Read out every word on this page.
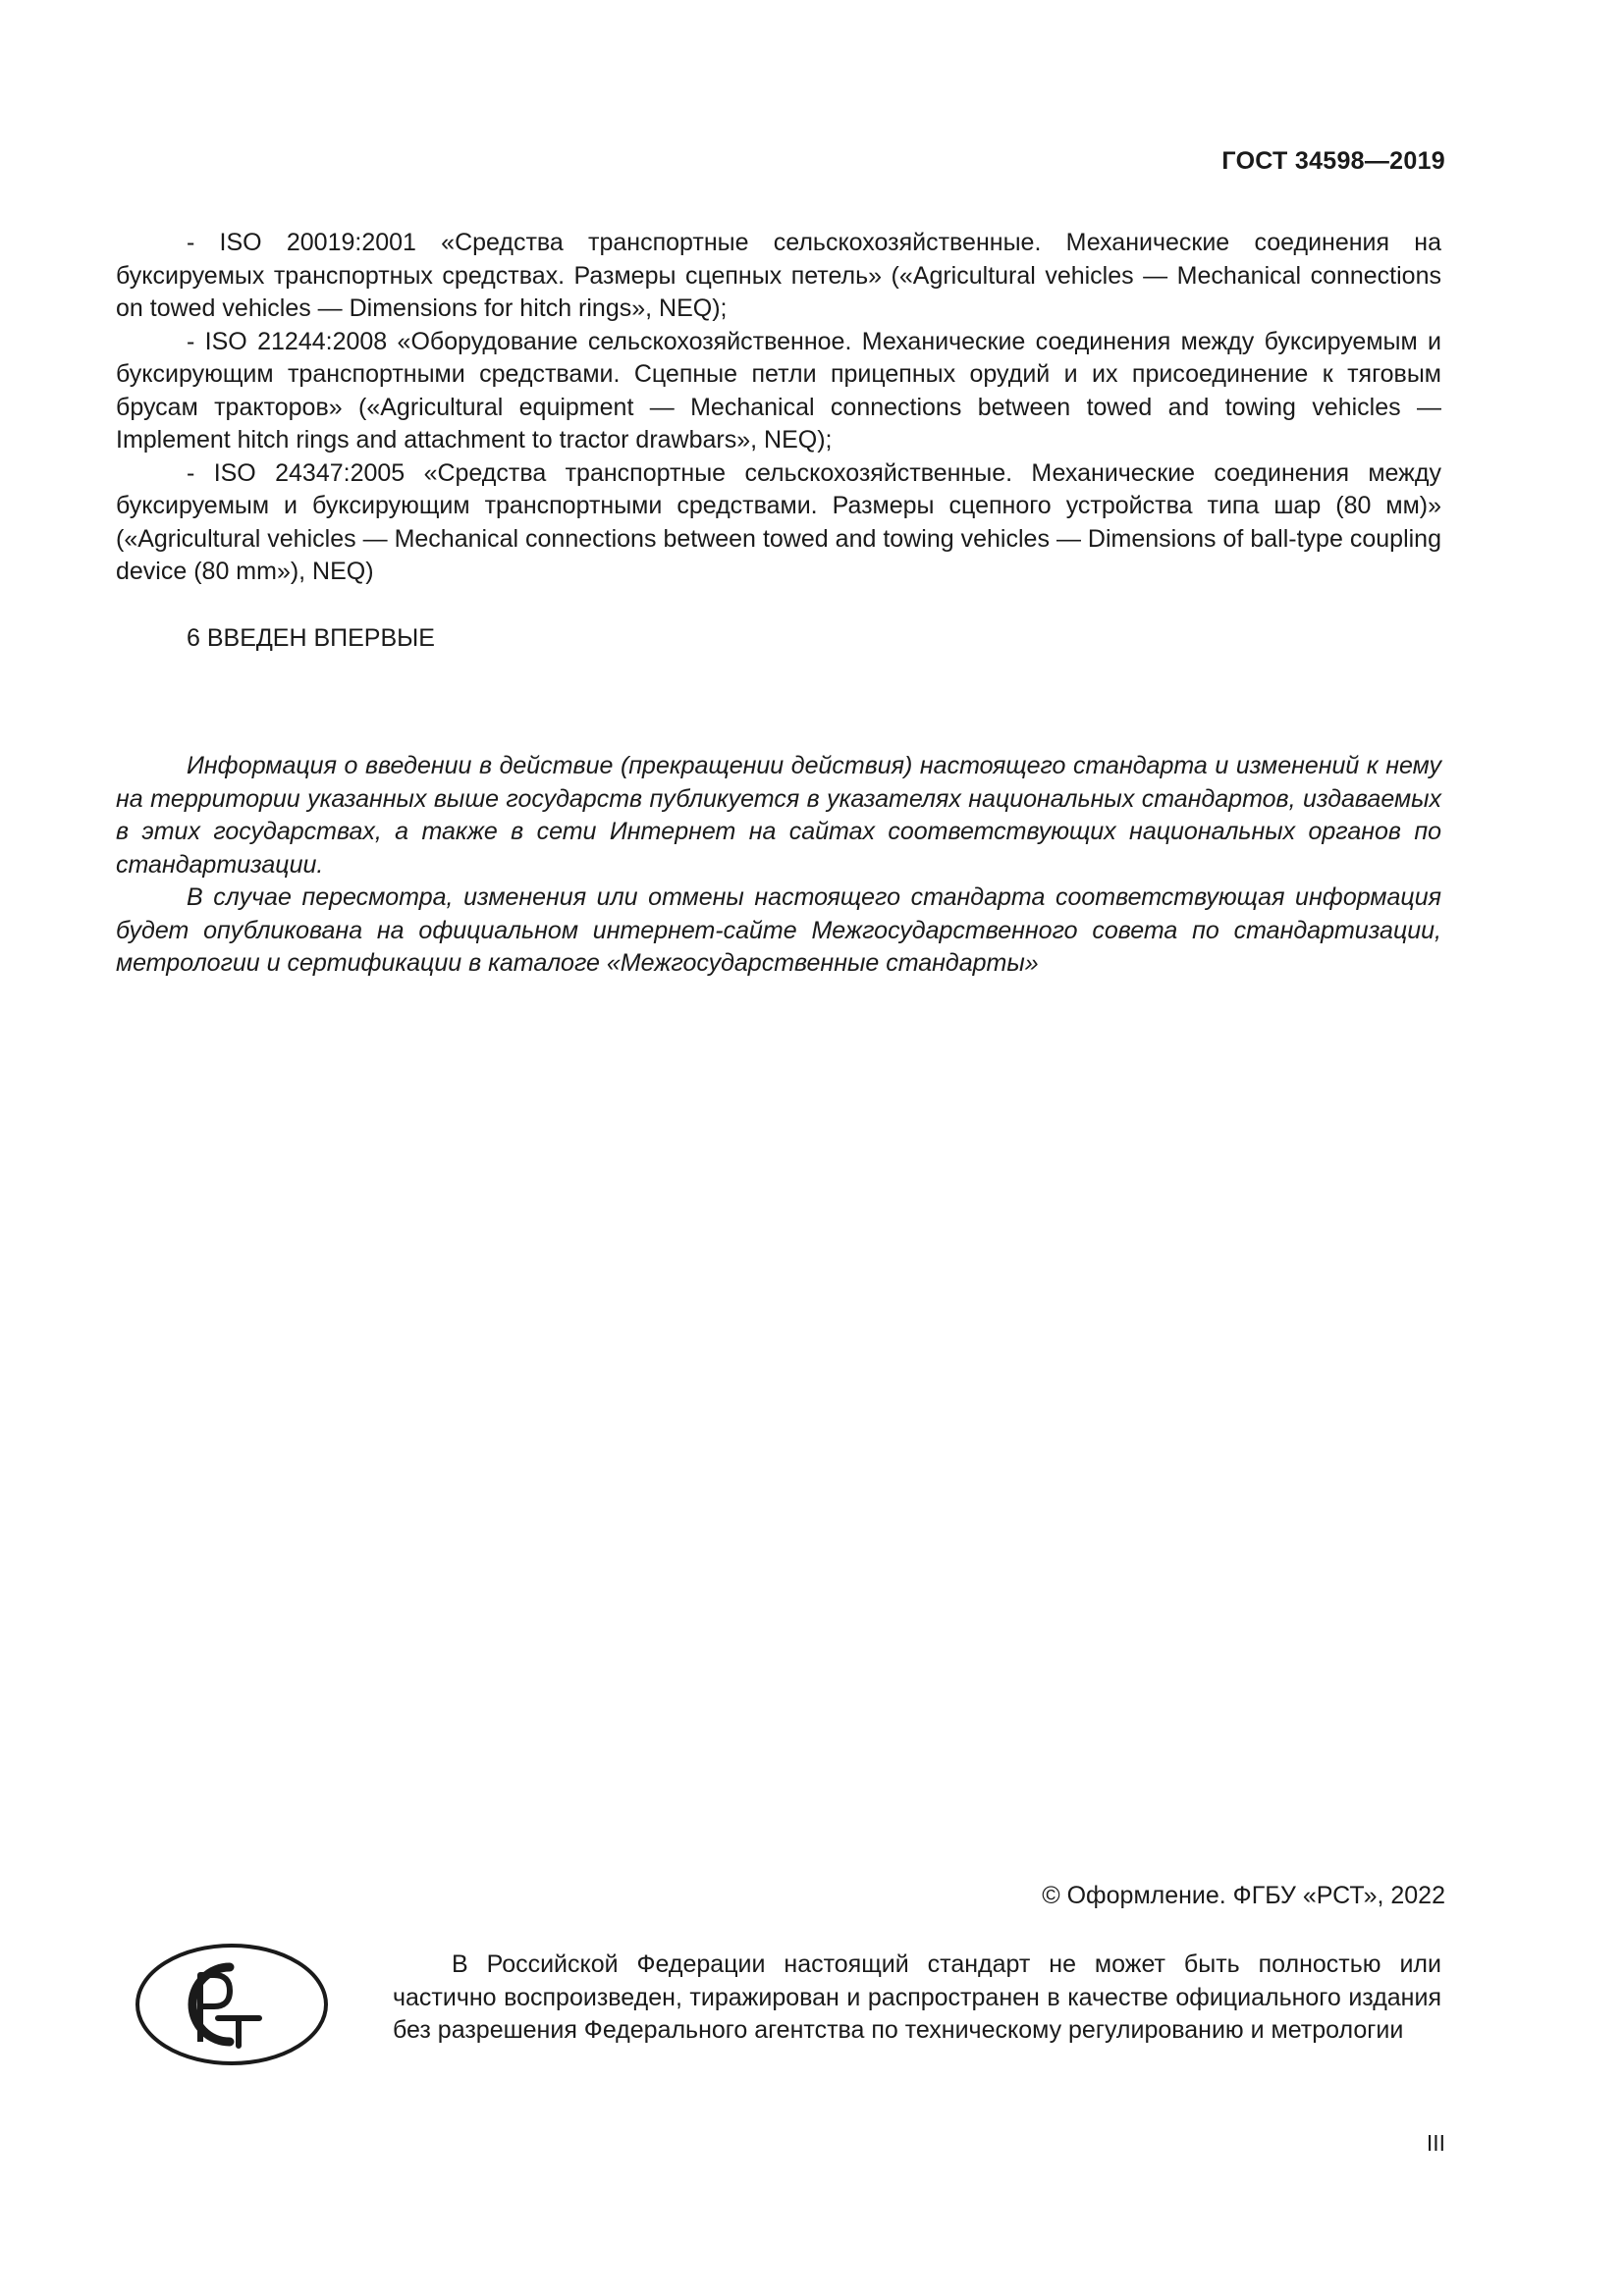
ГОСТ 34598—2019

- ISO 20019:2001 «Средства транспортные сельскохозяйственные. Механические соединения на буксируемых транспортных средствах. Размеры сцепных петель» («Agricultural vehicles — Mechanical connections on towed vehicles — Dimensions for hitch rings», NEQ);

- ISO 21244:2008 «Оборудование сельскохозяйственное. Механические соединения между буксируемым и буксирующим транспортными средствами. Сцепные петли прицепных орудий и их присоединение к тяговым брусам тракторов» («Agricultural equipment — Mechanical connections between towed and towing vehicles — Implement hitch rings and attachment to tractor drawbars», NEQ);

- ISO 24347:2005 «Средства транспортные сельскохозяйственные. Механические соединения между буксируемым и буксирующим транспортными средствами. Размеры сцепного устройства типа шар (80 мм)» («Agricultural vehicles — Mechanical connections between towed and towing vehicles — Dimensions of ball-type coupling device (80 mm»), NEQ)

6 ВВЕДЕН ВПЕРВЫЕ

Информация о введении в действие (прекращении действия) настоящего стандарта и изменений к нему на территории указанных выше государств публикуется в указателях национальных стандартов, издаваемых в этих государствах, а также в сети Интернет на сайтах соответствующих национальных органов по стандартизации.

В случае пересмотра, изменения или отмены настоящего стандарта соответствующая информация будет опубликована на официальном интернет-сайте Межгосударственного совета по стандартизации, метрологии и сертификации в каталоге «Межгосударственные стандарты»

© Оформление. ФГБУ «РСТ», 2022

В Российской Федерации настоящий стандарт не может быть полностью или частично воспроизведен, тиражирован и распространен в качестве официального издания без разрешения Федерального агентства по техническому регулированию и метрологии

III
